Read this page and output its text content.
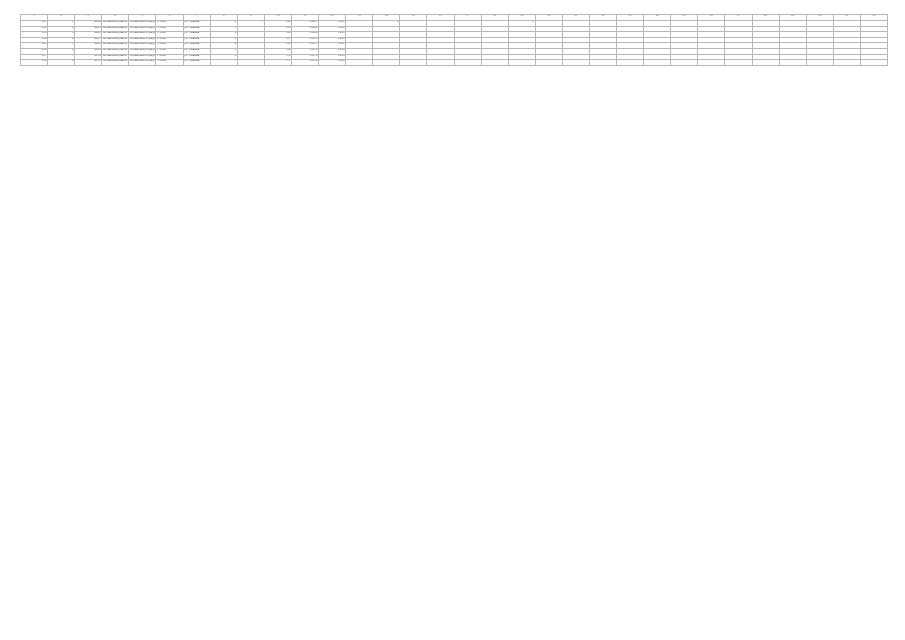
1	2	3	4	5	6	7	8	9	10	11	12	13	14	15	16	17	18	19	20	21	22	23	24	25	26	27	28	29	30	31	32
161	1	4264	Алтайский район	Алтайский порядок	1 0000	ул. Ленина	1	1	764	13067	1000		б					Г													
162	2	4265	Алтайский район	Алтайский порядок	1 0000	ул. Ленина	1		765	13268	1000																				
163	3	4266	Алтайский район	Алтайский порядок	1 0000	ул. Ленина	2		766	13269	1000																				
164	4	4267	Алтайский район	Алтайский порядок	1 0000	ул. Ленина	3		767	13270	1000																				
165	5	4268	Алтайский район	Алтайский порядок	1 0000	ул. Ленина	4		768	13271	1000																				
166	6	4269	Алтайский район	Алтайский порядок	1 0000	ул. Ленина	5		769	13272	1000																				
167	7	4270	Алтайский район	Алтайский порядок	1 0000	ул. Ленина	6		770	13273	1000																				
168	8	4271	Алтайский район	Алтайский порядок	1 0000	ул. Ленина	7		771	13274	1000																				
